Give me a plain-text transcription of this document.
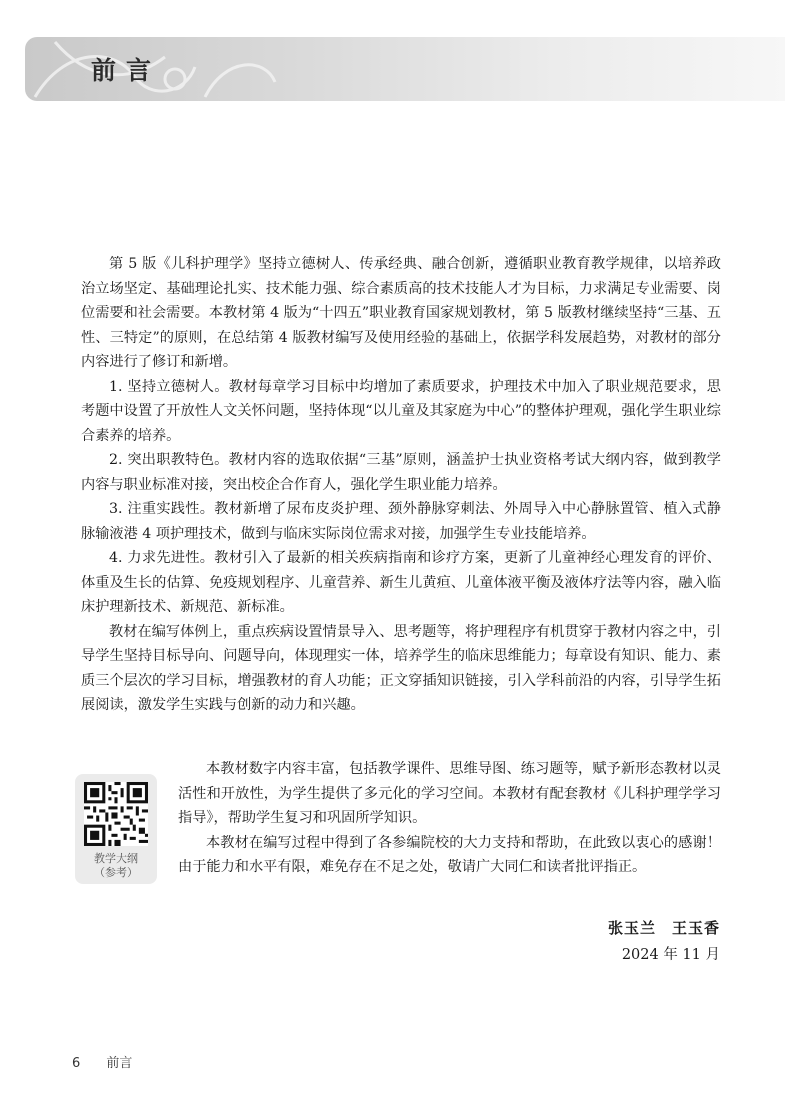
前言

第 5 版《儿科护理学》坚持立德树人、传承经典、融合创新，遵循职业教育教学规律，以培养政治立场坚定、基础理论扎实、技术能力强、综合素质高的技术技能人才为目标，力求满足专业需要、岗位需要和社会需要。本教材第 4 版为“十四五”职业教育国家规划教材，第 5 版教材继续坚持“三基、五性、三特定”的原则，在总结第 4 版教材编写及使用经验的基础上，依据学科发展趋势，对教材的部分内容进行了修订和新增。

1. 坚持立德树人。教材每章学习目标中均增加了素质要求，护理技术中加入了职业规范要求，思考题中设置了开放性人文关怀问题，坚持体现“以儿童及其家庭为中心”的整体护理观，强化学生职业综合素养的培养。

2. 突出职教特色。教材内容的选取依据“三基”原则，涵盖护士执业资格考试大纲内容，做到教学内容与职业标准对接，突出校企合作育人，强化学生职业能力培养。

3. 注重实践性。教材新增了尿布皮炎护理、颈外静脉穿刺法、外周导入中心静脉置管、植入式静脉输液港 4 项护理技术，做到与临床实际岗位需求对接，加强学生专业技能培养。

4. 力求先进性。教材引入了最新的相关疾病指南和诊疗方案，更新了儿童神经心理发育的评价、体重及生长的估算、免疫规划程序、儿童营养、新生儿黄疸、儿童体液平衡及液体疗法等内容，融入临床护理新技术、新规范、新标准。

教材在编写体例上，重点疾病设置情景导入、思考题等，将护理程序有机贯穿于教材内容之中，引导学生坚持目标导向、问题导向，体现理实一体，培养学生的临床思维能力；每章设有知识、能力、素质三个层次的学习目标，增强教材的育人功能；正文穿插知识链接，引入学科前沿的内容，引导学生拓展阅读，激发学生实践与创新的动力和兴趣。

教学大纲
（参考）

本教材数字内容丰富，包括教学课件、思维导图、练习题等，赋予新形态教材以灵活性和开放性，为学生提供了多元化的学习空间。本教材有配套教材《儿科护理学学习指导》，帮助学生复习和巩固所学知识。

本教材在编写过程中得到了各参编院校的大力支持和帮助，在此致以衷心的感谢！由于能力和水平有限，难免存在不足之处，敬请广大同仁和读者批评指正。

张玉兰　王玉香
2024 年 11 月
6 前言
